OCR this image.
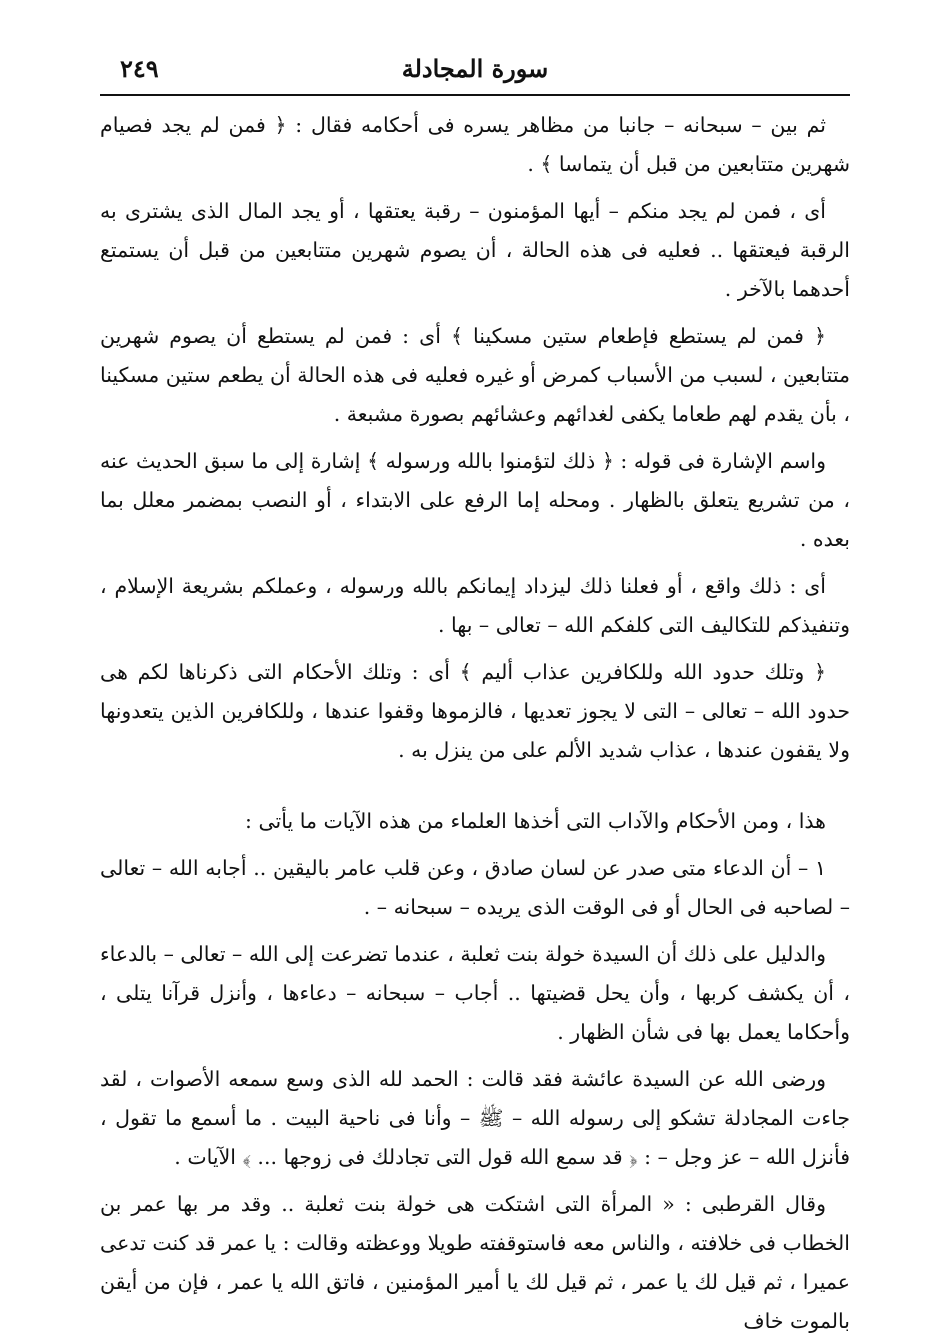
٢٤٩	سورة المجادلة

ثم بين – سبحانه – جانبا من مظاهر يسره فى أحكامه فقال : ﴿ فمن لم يجد فصيام شهرين متتابعين من قبل أن يتماسا ﴾ .

أى ، فمن لم يجد منكم – أيها المؤمنون – رقبة يعتقها ، أو يجد المال الذى يشترى به الرقبة فيعتقها .. فعليه فى هذه الحالة ، أن يصوم شهرين متتابعين من قبل أن يستمتع أحدهما بالآخر .

﴿ فمن لم يستطع فإطعام ستين مسكينا ﴾ أى : فمن لم يستطع أن يصوم شهرين متتابعين ، لسبب من الأسباب كمرض أو غيره فعليه فى هذه الحالة أن يطعم ستين مسكينا ، بأن يقدم لهم طعاما يكفى لغدائهم وعشائهم بصورة مشبعة .

واسم الإشارة فى قوله : ﴿ ذلك لتؤمنوا بالله ورسوله ﴾ إشارة إلى ما سبق الحديث عنه ، من تشريع يتعلق بالظهار . ومحله إما الرفع على الابتداء ، أو النصب بمضمر معلل بما بعده .

أى : ذلك واقع ، أو فعلنا ذلك ليزداد إيمانكم بالله ورسوله ، وعملكم بشريعة الإسلام ، وتنفيذكم للتكاليف التى كلفكم الله – تعالى – بها .

﴿ وتلك حدود الله وللكافرين عذاب أليم ﴾ أى : وتلك الأحكام التى ذكرناها لكم هى حدود الله – تعالى – التى لا يجوز تعديها ، فالزموها وقفوا عندها ، وللكافرين الذين يتعدونها ولا يقفون عندها ، عذاب شديد الألم على من ينزل به .

هذا ، ومن الأحكام والآداب التى أخذها العلماء من هذه الآيات ما يأتى :

١ – أن الدعاء متى صدر عن لسان صادق ، وعن قلب عامر باليقين .. أجابه الله – تعالى – لصاحبه فى الحال أو فى الوقت الذى يريده – سبحانه – .

والدليل على ذلك أن السيدة خولة بنت ثعلبة ، عندما تضرعت إلى الله – تعالى – بالدعاء ، أن يكشف كربها ، وأن يحل قضيتها .. أجاب – سبحانه – دعاءها ، وأنزل قرآنا يتلى ، وأحكاما يعمل بها فى شأن الظهار .

ورضى الله عن السيدة عائشة فقد قالت : الحمد لله الذى وسع سمعه الأصوات ، لقد جاءت المجادلة تشكو إلى رسوله الله – ﷺ – وأنا فى ناحية البيت . ما أسمع ما تقول ، فأنزل الله – عز وجل – : ﴿ قد سمع الله قول التى تجادلك فى زوجها ... ﴾ الآيات .

وقال القرطبى : « المرأة التى اشتكت هى خولة بنت ثعلبة .. وقد مر بها عمر بن الخطاب فى خلافته ، والناس معه فاستوقفته طويلا ووعظته وقالت : يا عمر قد كنت تدعى عميرا ، ثم قيل لك يا عمر ، ثم قيل لك يا أمير المؤمنين ، فاتق الله يا عمر ، فإن من أيقن بالموت خاف
